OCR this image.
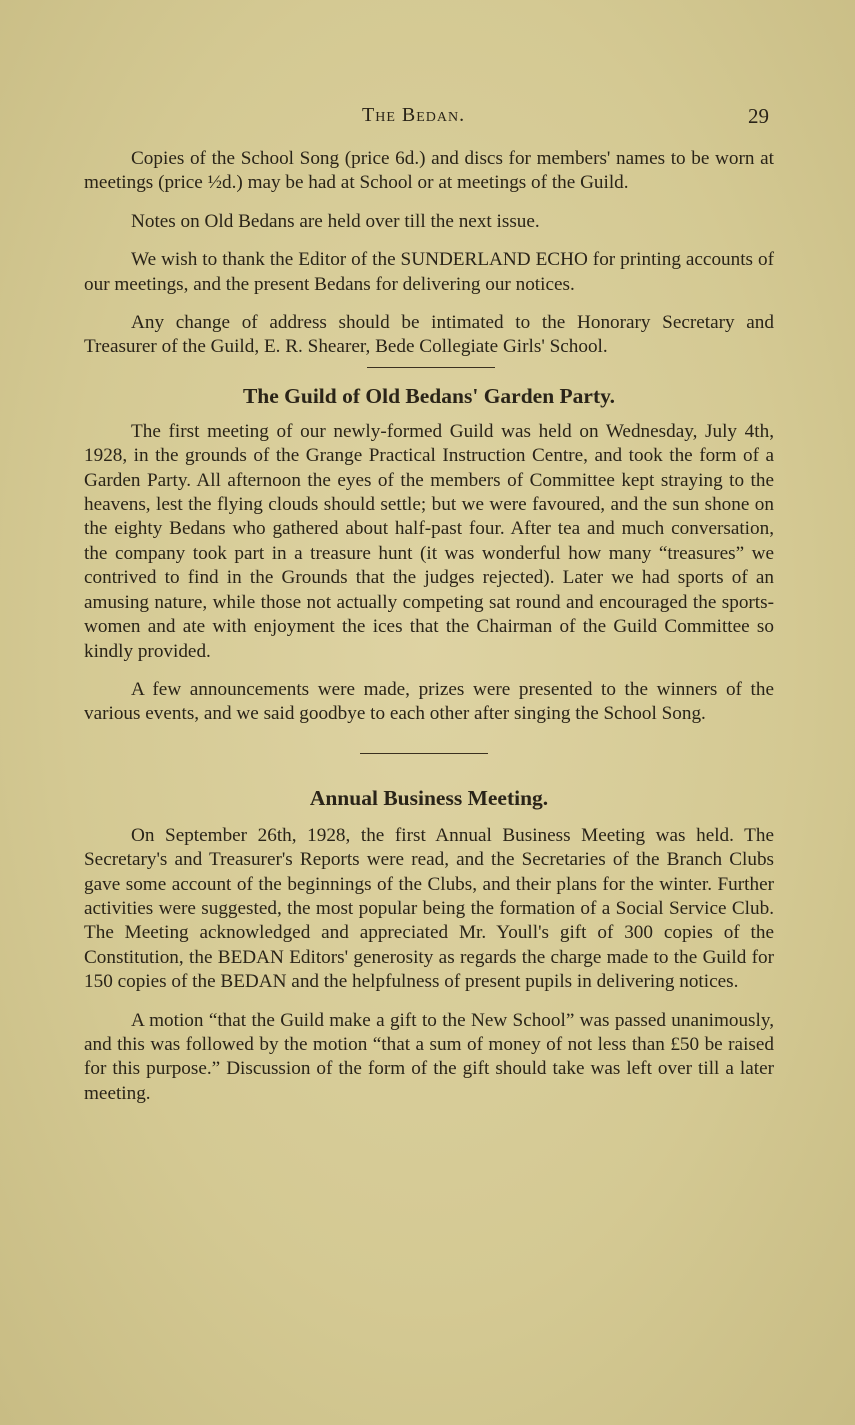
The Bedan.	29

Copies of the School Song (price 6d.) and discs for members' names to be worn at meetings (price ½d.) may be had at School or at meetings of the Guild.

Notes on Old Bedans are held over till the next issue.

We wish to thank the Editor of the SUNDERLAND ECHO for printing accounts of our meetings, and the present Bedans for delivering our notices.

Any change of address should be intimated to the Honorary Secretary and Treasurer of the Guild, E. R. Shearer, Bede Collegiate Girls' School.

The Guild of Old Bedans' Garden Party.

The first meeting of our newly-formed Guild was held on Wednesday, July 4th, 1928, in the grounds of the Grange Practical Instruction Centre, and took the form of a Garden Party. All afternoon the eyes of the members of Committee kept straying to the heavens, lest the flying clouds should settle; but we were favoured, and the sun shone on the eighty Bedans who gathered about half-past four. After tea and much conversation, the company took part in a treasure hunt (it was wonderful how many “treasures” we contrived to find in the Grounds that the judges rejected). Later we had sports of an amusing nature, while those not actually competing sat round and encouraged the sports-women and ate with enjoyment the ices that the Chairman of the Guild Committee so kindly provided.

A few announcements were made, prizes were presented to the winners of the various events, and we said goodbye to each other after singing the School Song.

Annual Business Meeting.

On September 26th, 1928, the first Annual Business Meeting was held. The Secretary's and Treasurer's Reports were read, and the Secretaries of the Branch Clubs gave some account of the beginnings of the Clubs, and their plans for the winter. Further activities were suggested, the most popular being the formation of a Social Service Club. The Meeting acknowledged and appreciated Mr. Youll's gift of 300 copies of the Constitution, the BEDAN Editors' generosity as regards the charge made to the Guild for 150 copies of the BEDAN and the helpfulness of present pupils in delivering notices.

A motion “that the Guild make a gift to the New School” was passed unanimously, and this was followed by the motion “that a sum of money of not less than £50 be raised for this purpose.” Discussion of the form of the gift should take was left over till a later meeting.
